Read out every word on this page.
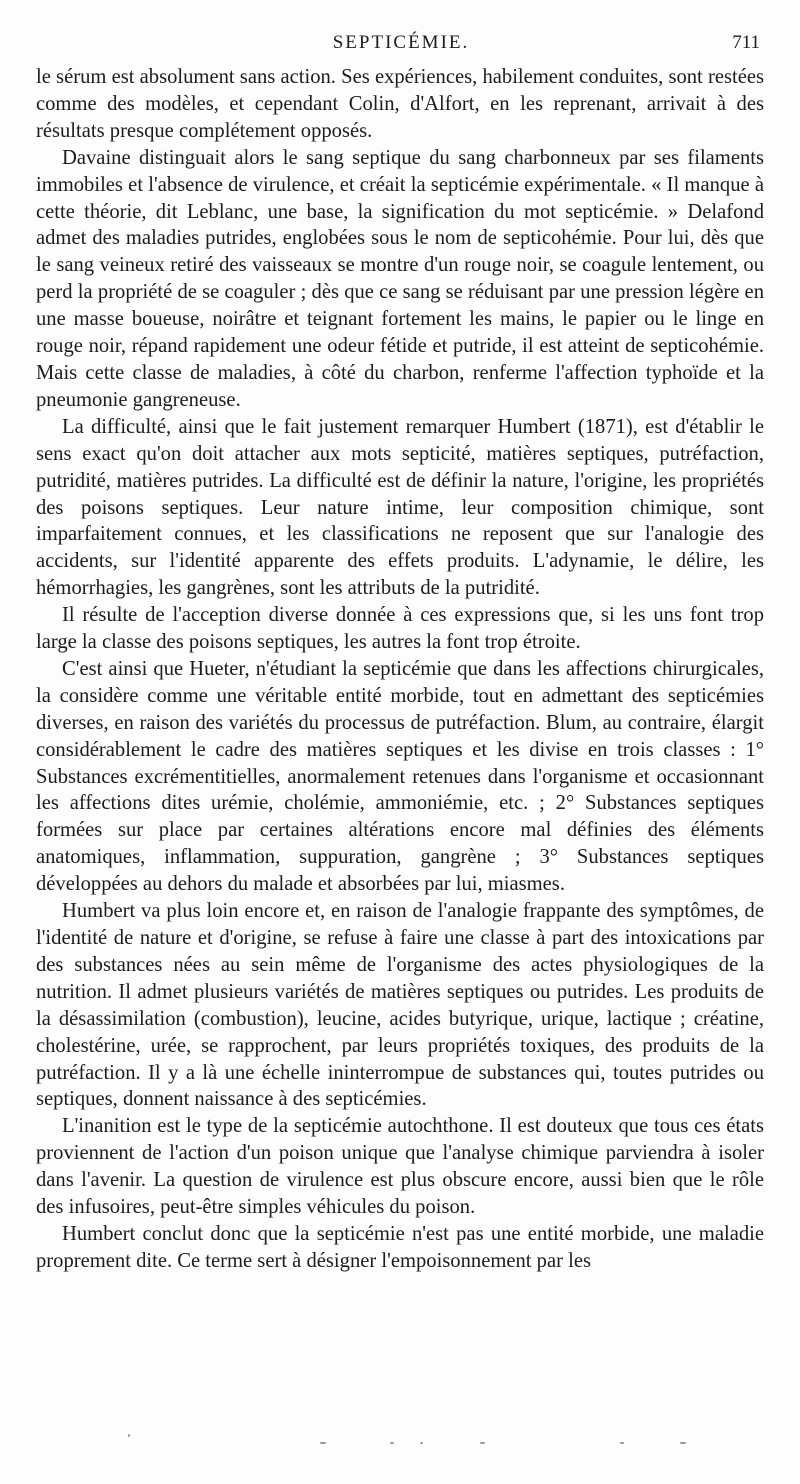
SEPTICÉMIE.	711

le sérum est absolument sans action. Ses expériences, habilement conduites, sont restées comme des modèles, et cependant Colin, d'Alfort, en les reprenant, arrivait à des résultats presque complétement opposés.

Davaine distinguait alors le sang septique du sang charbonneux par ses filaments immobiles et l'absence de virulence, et créait la septicémie expérimentale. « Il manque à cette théorie, dit Leblanc, une base, la signification du mot septicémie. » Delafond admet des maladies putrides, englobées sous le nom de septicohémie. Pour lui, dès que le sang veineux retiré des vaisseaux se montre d'un rouge noir, se coagule lentement, ou perd la propriété de se coaguler ; dès que ce sang se réduisant par une pression légère en une masse boueuse, noirâtre et teignant fortement les mains, le papier ou le linge en rouge noir, répand rapidement une odeur fétide et putride, il est atteint de septicohémie. Mais cette classe de maladies, à côté du charbon, renferme l'affection typhoïde et la pneumonie gangreneuse.

La difficulté, ainsi que le fait justement remarquer Humbert (1871), est d'établir le sens exact qu'on doit attacher aux mots septicité, matières septiques, putréfaction, putridité, matières putrides. La difficulté est de définir la nature, l'origine, les propriétés des poisons septiques. Leur nature intime, leur composition chimique, sont imparfaitement connues, et les classifications ne reposent que sur l'analogie des accidents, sur l'identité apparente des effets produits. L'adynamie, le délire, les hémorrhagies, les gangrènes, sont les attributs de la putridité.

Il résulte de l'acception diverse donnée à ces expressions que, si les uns font trop large la classe des poisons septiques, les autres la font trop étroite.

C'est ainsi que Hueter, n'étudiant la septicémie que dans les affections chirurgicales, la considère comme une véritable entité morbide, tout en admettant des septicémies diverses, en raison des variétés du processus de putréfaction. Blum, au contraire, élargit considérablement le cadre des matières septiques et les divise en trois classes : 1° Substances excrémentitielles, anormalement retenues dans l'organisme et occasionnant les affections dites urémie, cholémie, ammoniémie, etc. ; 2° Substances septiques formées sur place par certaines altérations encore mal définies des éléments anatomiques, inflammation, suppuration, gangrène ; 3° Substances septiques développées au dehors du malade et absorbées par lui, miasmes.

Humbert va plus loin encore et, en raison de l'analogie frappante des symptômes, de l'identité de nature et d'origine, se refuse à faire une classe à part des intoxications par des substances nées au sein même de l'organisme des actes physiologiques de la nutrition. Il admet plusieurs variétés de matières septiques ou putrides. Les produits de la désassimilation (combustion), leucine, acides butyrique, urique, lactique ; créatine, cholestérine, urée, se rapprochent, par leurs propriétés toxiques, des produits de la putréfaction. Il y a là une échelle ininterrompue de substances qui, toutes putrides ou septiques, donnent naissance à des septicémies.

L'inanition est le type de la septicémie autochthone. Il est douteux que tous ces états proviennent de l'action d'un poison unique que l'analyse chimique parviendra à isoler dans l'avenir. La question de virulence est plus obscure encore, aussi bien que le rôle des infusoires, peut-être simples véhicules du poison.

Humbert conclut donc que la septicémie n'est pas une entité morbide, une maladie proprement dite. Ce terme sert à désigner l'empoisonnement par les
